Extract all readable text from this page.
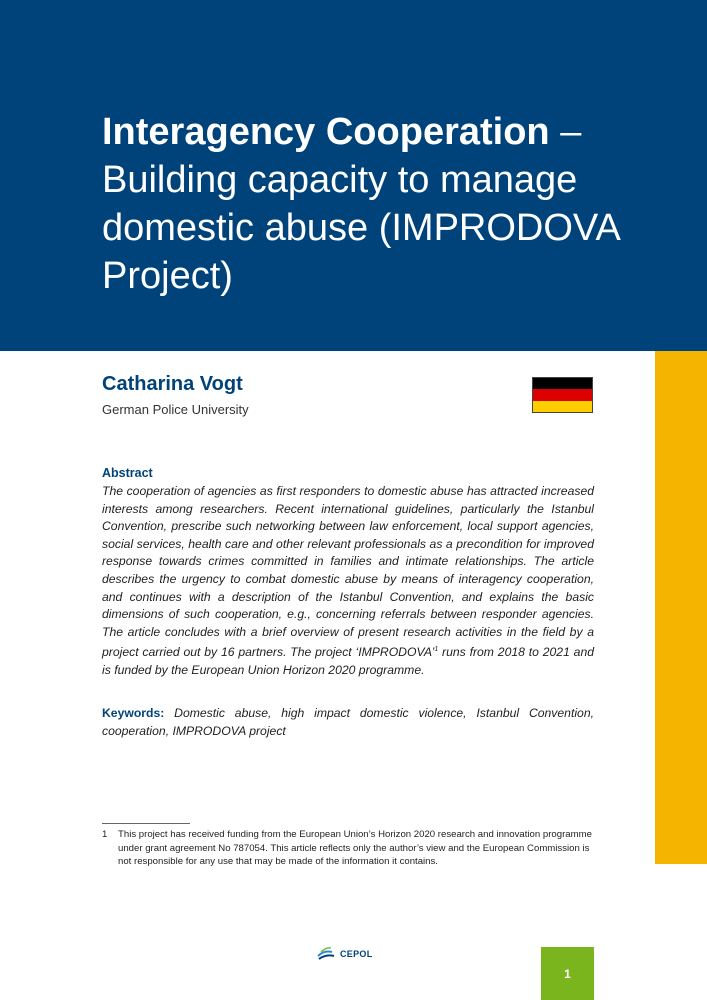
Interagency Cooperation – Building capacity to manage domestic abuse (IMPRODOVA Project)
Catharina Vogt
German Police University
Abstract

The cooperation of agencies as first responders to domestic abuse has attracted increased interests among researchers. Recent international guidelines, particularly the Istanbul Convention, prescribe such networking between law enforcement, local support agencies, social services, health care and other relevant professionals as a precondition for improved response towards crimes committed in families and intimate relationships. The article describes the urgency to combat domestic abuse by means of interagency cooperation, and continues with a description of the Istanbul Convention, and explains the basic dimensions of such cooperation, e.g., concerning referrals between responder agencies. The article concludes with a brief overview of present research activities in the field by a project carried out by 16 partners. The project ‘IMPRODOVA’$^1$ runs from 2018 to 2021 and is funded by the European Union Horizon 2020 programme.

Keywords: Domestic abuse, high impact domestic violence, Istanbul Convention, cooperation, IMPRODOVA project

1	This project has received funding from the European Union’s Horizon 2020 research and innovation programme under grant agreement No 787054. This article reflects only the author’s view and the European Commission is not responsible for any use that may be made of the information it contains.

CEPOL
1
